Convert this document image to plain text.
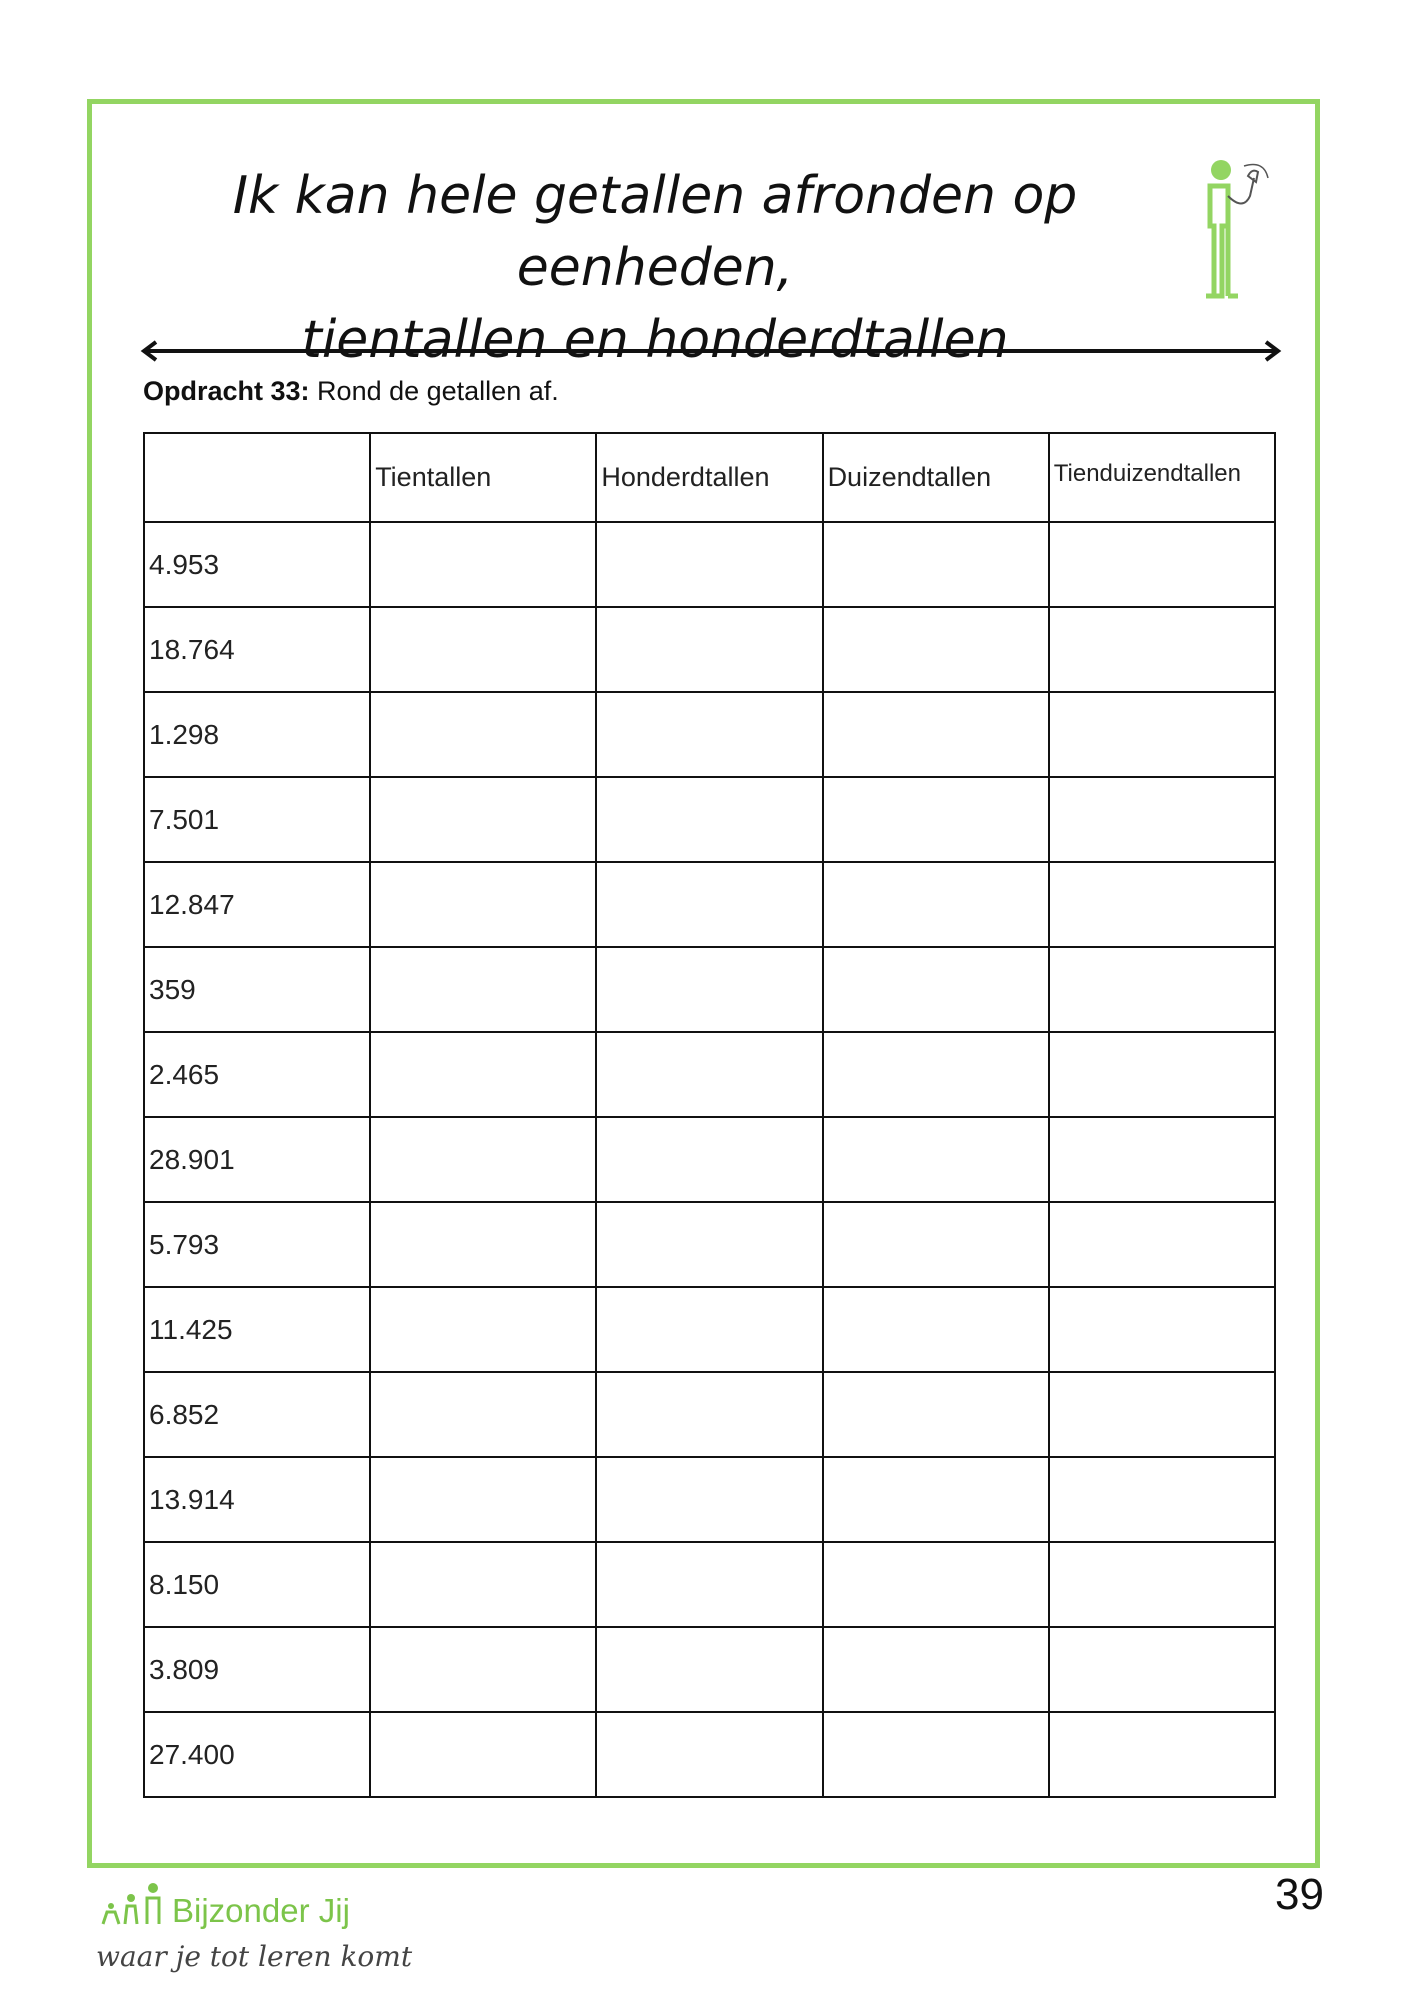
Ik kan hele getallen afronden op eenheden,
tientallen en honderdtallen
Opdracht 33: Rond de getallen af.
	Tientallen	Honderdtallen	Duizendtallen	Tienduizendtallen
4.953				
18.764				
1.298				
7.501				
12.847				
359				
2.465				
28.901				
5.793				
11.425				
6.852				
13.914				
8.150				
3.809				
27.400				
39
Bijzonder Jij
waar je tot leren komt
